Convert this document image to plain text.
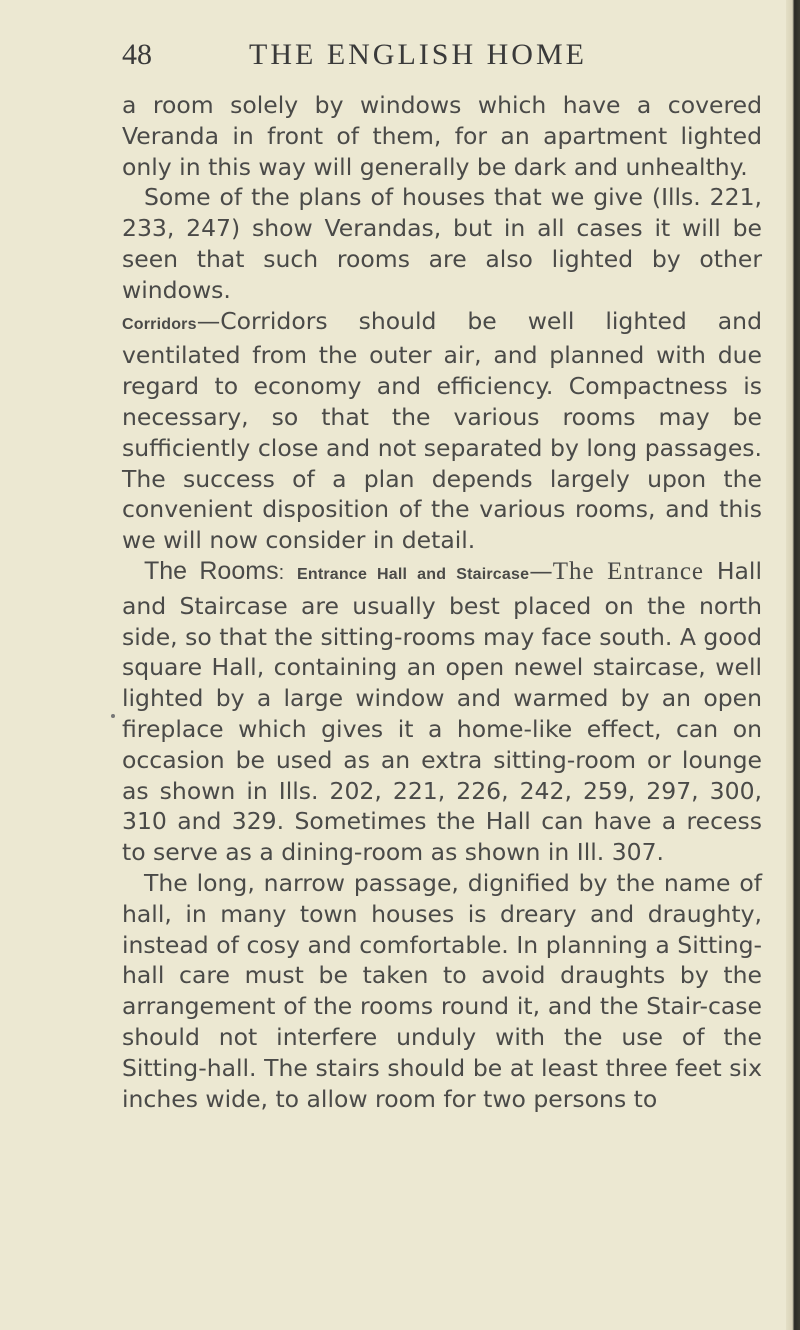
48	THE ENGLISH HOME

a room solely by windows which have a covered Veranda in front of them, for an apartment lighted only in this way will generally be dark and unhealthy.

Some of the plans of houses that we give (Ills. 221, 233, 247) show Verandas, but in all cases it will be seen that such rooms are also lighted by other windows.

Corridors—Corridors should be well lighted and ventilated from the outer air, and planned with due regard to economy and efficiency. Compactness is necessary, so that the various rooms may be sufficiently close and not separated by long passages. The success of a plan depends largely upon the convenient disposition of the various rooms, and this we will now consider in detail.

The Rooms: Entrance Hall and Staircase—The Entrance Hall and Staircase are usually best placed on the north side, so that the sitting-rooms may face south. A good square Hall, containing an open newel staircase, well lighted by a large window and warmed by an open fireplace which gives it a home-like effect, can on occasion be used as an extra sitting-room or lounge as shown in Ills. 202, 221, 226, 242, 259, 297, 300, 310 and 329. Sometimes the Hall can have a recess to serve as a dining-room as shown in Ill. 307.

The long, narrow passage, dignified by the name of hall, in many town houses is dreary and draughty, instead of cosy and comfortable. In planning a Sitting-hall care must be taken to avoid draughts by the arrangement of the rooms round it, and the Stair-case should not interfere unduly with the use of the Sitting-hall. The stairs should be at least three feet six inches wide, to allow room for two persons to
